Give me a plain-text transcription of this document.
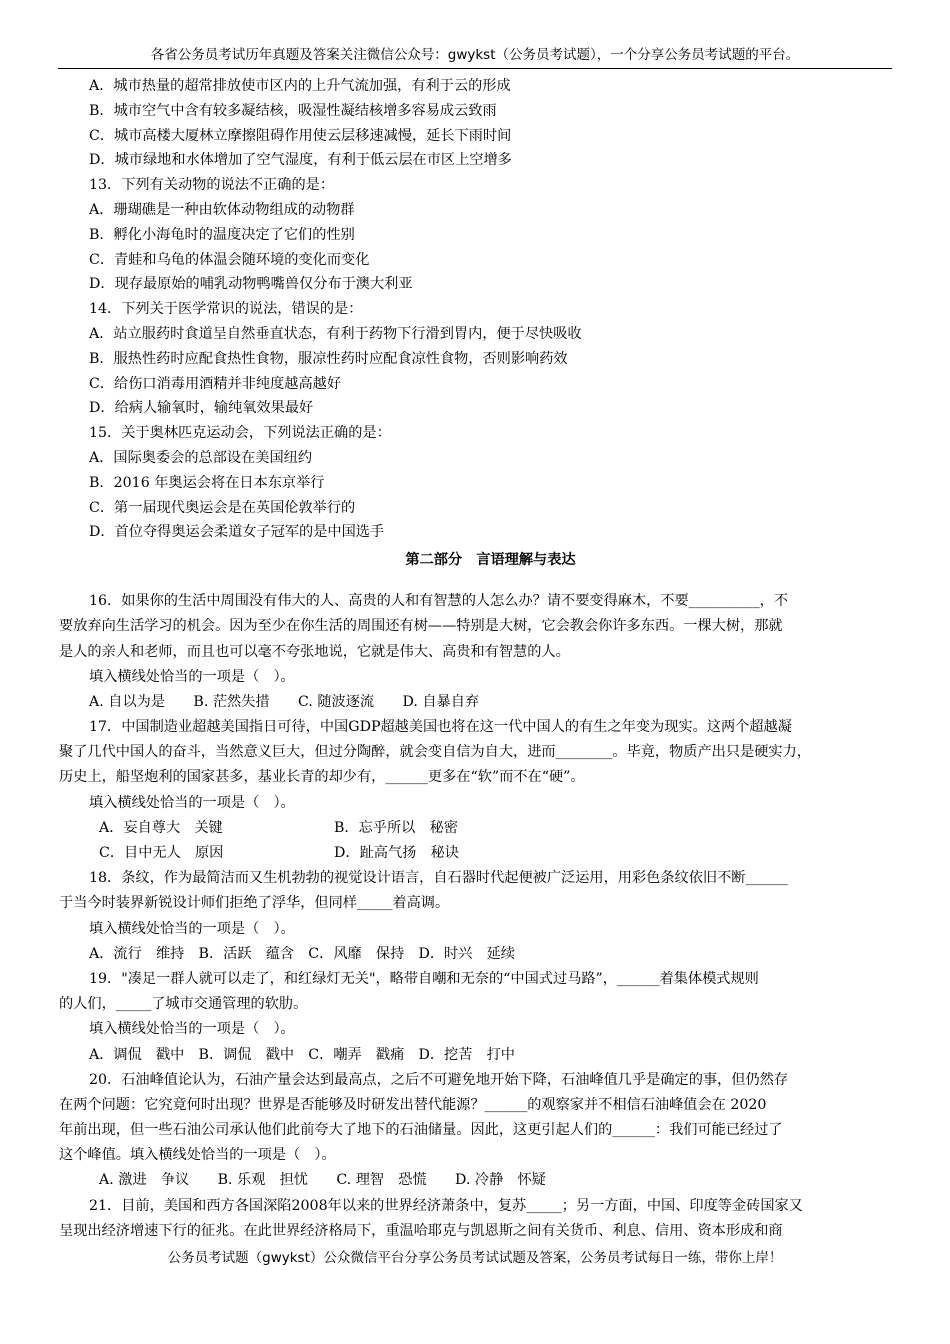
各省公务员考试历年真题及答案关注微信公众号：gwykst（公务员考试题），一个分享公务员考试题的平台。
A．城市热量的超常排放使市区内的上升气流加强，有利于云的形成
B．城市空气中含有较多凝结核，吸湿性凝结核增多容易成云致雨
C．城市高楼大厦林立摩擦阻碍作用使云层移速减慢，延长下雨时间
D．城市绿地和水体增加了空气湿度，有利于低云层在市区上空增多
13．下列有关动物的说法不正确的是：
A．珊瑚礁是一种由软体动物组成的动物群
B．孵化小海龟时的温度决定了它们的性别
C．青蛙和乌龟的体温会随环境的变化而变化
D．现存最原始的哺乳动物鸭嘴兽仅分布于澳大利亚
14．下列关于医学常识的说法，错误的是：
A．站立服药时食道呈自然垂直状态，有利于药物下行滑到胃内，便于尽快吸收
B．服热性药时应配食热性食物，服凉性药时应配食凉性食物，否则影响药效
C．给伤口消毒用酒精并非纯度越高越好
D．给病人输氧时，输纯氧效果最好
15．关于奥林匹克运动会，下列说法正确的是：
A．国际奥委会的总部设在美国纽约
B．2016 年奥运会将在日本东京举行
C．第一届现代奥运会是在英国伦敦举行的
D．首位夺得奥运会柔道女子冠军的是中国选手
第二部分　言语理解与表达
16．如果你的生活中周围没有伟大的人、高贵的人和有智慧的人怎么办？请不要变得麻木，不要__________，不
要放弃向生活学习的机会。因为至少在你生活的周围还有树——特别是大树，它会教会你许多东西。一棵大树，那就
是人的亲人和老师，而且也可以毫不夸张地说，它就是伟大、高贵和有智慧的人。
填入横线处恰当的一项是（　）。
A. 自以为是　　B. 茫然失措　　C. 随波逐流　　D. 自暴自弃
17．中国制造业超越美国指日可待，中国GDP超越美国也将在这一代中国人的有生之年变为现实。这两个超越凝
聚了几代中国人的奋斗，当然意义巨大，但过分陶醉，就会变自信为自大，进而________。毕竟，物质产出只是硬实力，
历史上，船坚炮利的国家甚多，基业长青的却少有，______更多在“软”而不在“硬”。
填入横线处恰当的一项是（　）。
A．妄自尊大　关键	B．忘乎所以　秘密
C．目中无人　原因	D．趾高气扬　秘诀
18．条纹，作为最简洁而又生机勃勃的视觉设计语言，自石器时代起便被广泛运用，用彩色条纹依旧不断______
于当今时装界新锐设计师们拒绝了浮华，但同样_____着高调。
填入横线处恰当的一项是（　）。
A．流行　维持　B．活跃　蕴含　C．风靡　保持　D．时兴　延续
19．"凑足一群人就可以走了，和红绿灯无关"，略带自嘲和无奈的“中国式过马路”，______着集体模式规则
的人们，_____了城市交通管理的软肋。
填入横线处恰当的一项是（　）。
A．调侃　戳中　B．调侃　戳中　C．嘲弄　戳痛　D．挖苦　打中
20．石油峰值论认为，石油产量会达到最高点，之后不可避免地开始下降，石油峰值几乎是确定的事，但仍然存
在两个问题：它究竟何时出现？世界是否能够及时研发出替代能源？______的观察家并不相信石油峰值会在 2020
年前出现，但一些石油公司承认他们此前夸大了地下的石油储量。因此，这更引起人们的______：我们可能已经过了
这个峰值。填入横线处恰当的一项是（　）。
A. 激进　争议　　B. 乐观　担忧　　C. 理智　恐慌　　D. 冷静　怀疑
21．目前，美国和西方各国深陷2008年以来的世界经济萧条中，复苏_____；另一方面，中国、印度等金砖国家又
呈现出经济增速下行的征兆。在此世界经济格局下，重温哈耶克与凯恩斯之间有关货币、利息、信用、资本形成和商
公务员考试题（gwykst）公众微信平台分享公务员考试试题及答案，公务员考试每日一练，带你上岸！
